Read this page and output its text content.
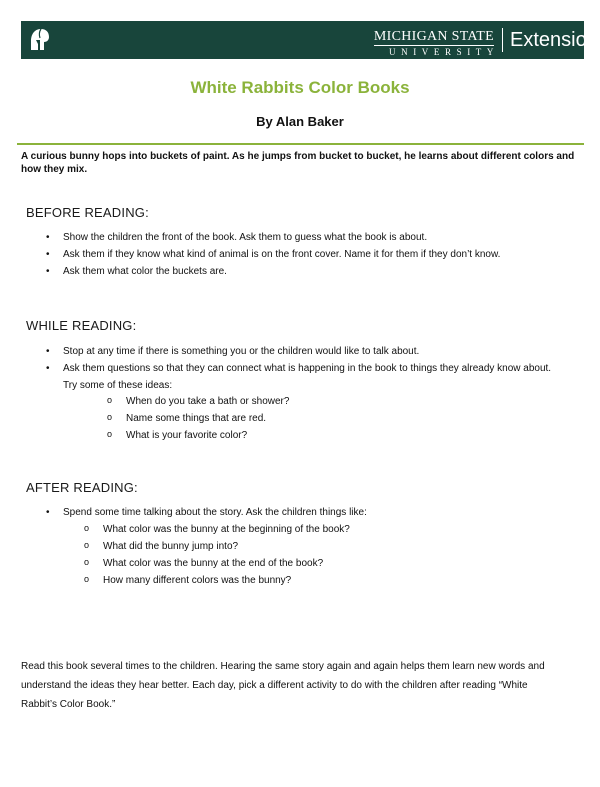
MICHIGAN STATE
UNIVERSITY
Extension
White Rabbits Color Books
By Alan Baker
A curious bunny hops into buckets of paint. As he jumps from bucket to bucket, he learns about different colors and how they mix.
BEFORE READING:
• Show the children the front of the book. Ask them to guess what the book is about.
• Ask them if they know what kind of animal is on the front cover. Name it for them if they don’t know.
• Ask them what color the buckets are.
WHILE READING:
• Stop at any time if there is something you or the children would like to talk about.
• Ask them questions so that they can connect what is happening in the book to things they already know about. Try some of these ideas:
o When do you take a bath or shower?
o Name some things that are red.
o What is your favorite color?
AFTER READING:
• Spend some time talking about the story. Ask the children things like:
o What color was the bunny at the beginning of the book?
o What did the bunny jump into?
o What color was the bunny at the end of the book?
o How many different colors was the bunny?
Read this book several times to the children. Hearing the same story again and again helps them learn new words and understand the ideas they hear better. Each day, pick a different activity to do with the children after reading “White Rabbit’s Color Book.”
